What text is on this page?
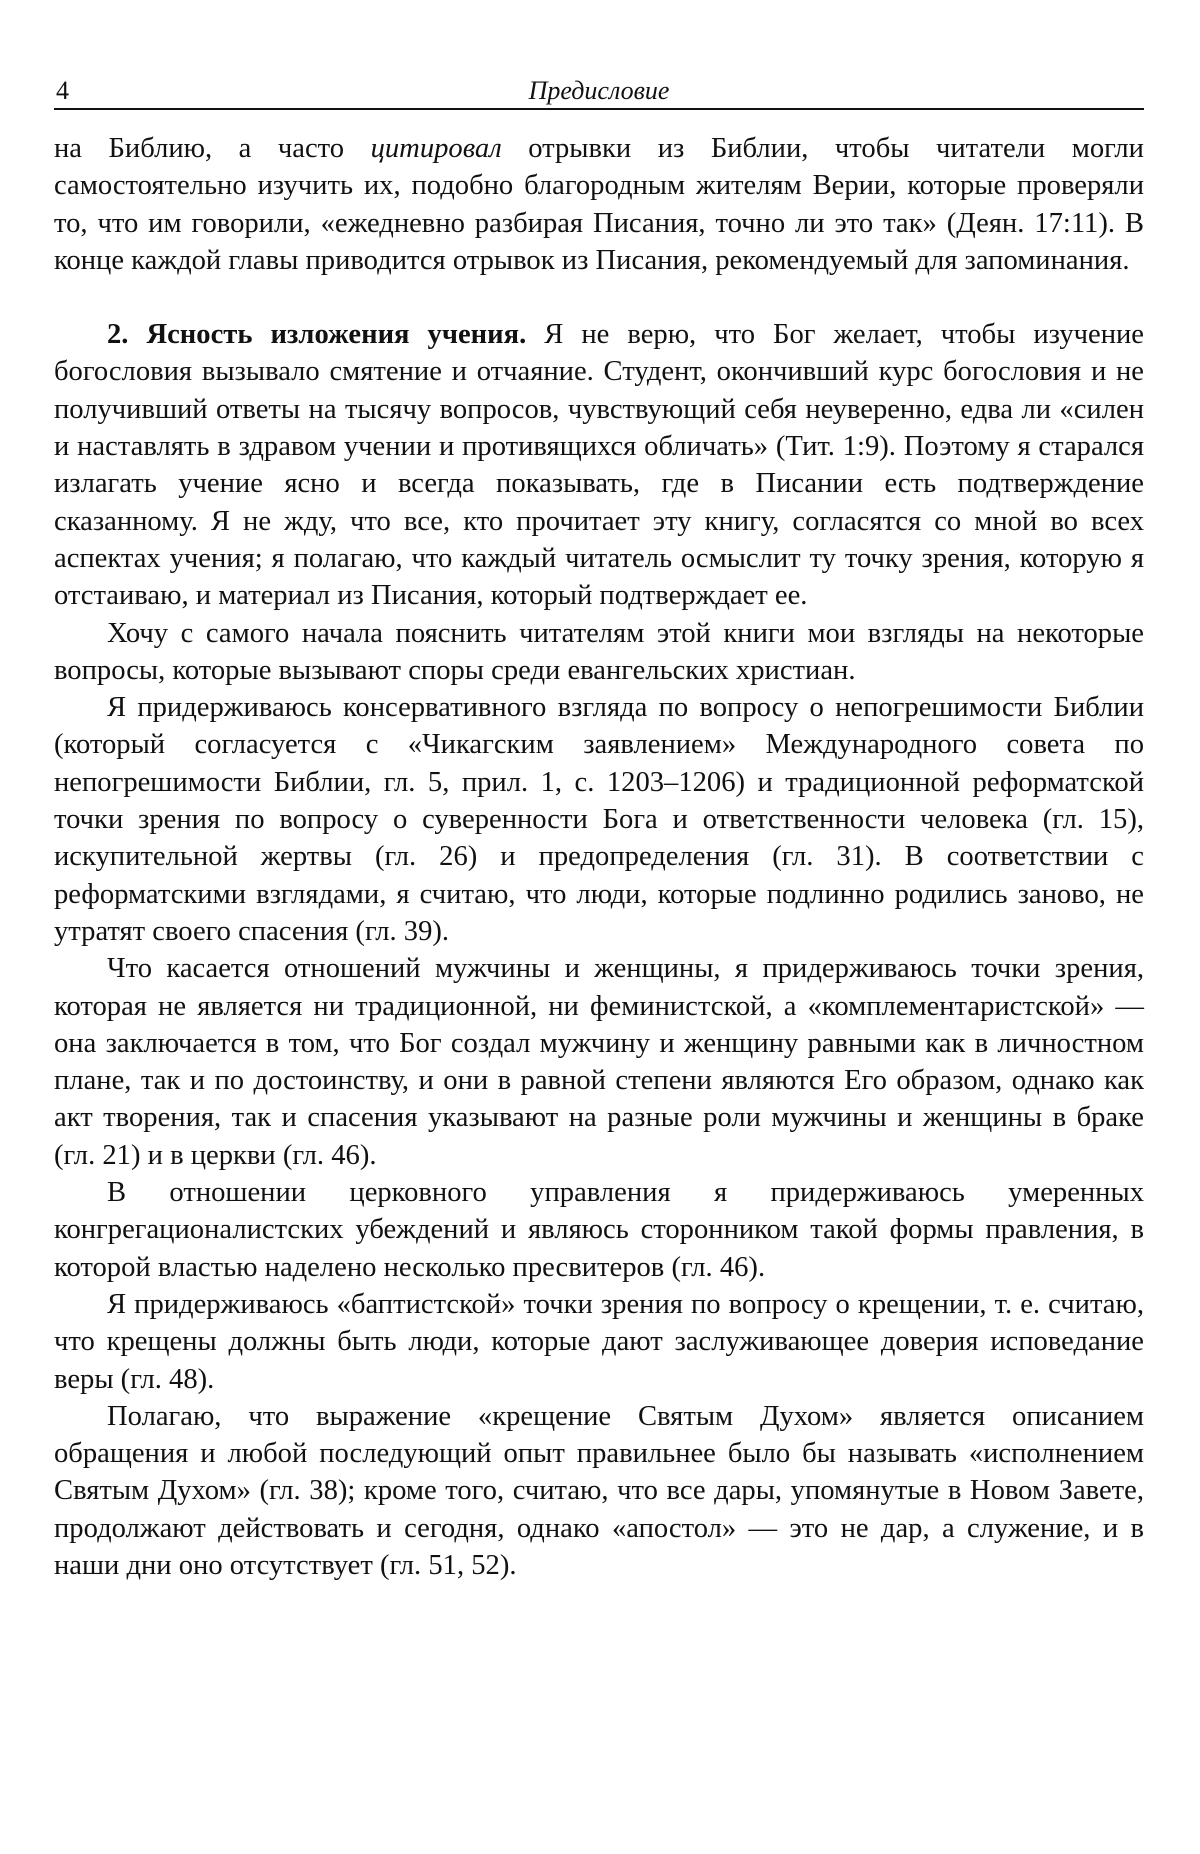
4	Предисловие

на Библию, а часто цитировал отрывки из Библии, чтобы читатели могли самостоятельно изучить их, подобно благородным жителям Верии, которые проверяли то, что им говорили, «ежедневно разбирая Писания, точно ли это так» (Деян. 17:11). В конце каждой главы приводится отрывок из Писания, рекомендуемый для запоминания.

2. Ясность изложения учения. Я не верю, что Бог желает, чтобы изучение богословия вызывало смятение и отчаяние. Студент, окончивший курс богословия и не получивший ответы на тысячу вопросов, чувствующий себя неуверенно, едва ли «силен и наставлять в здравом учении и противящихся обличать» (Тит. 1:9). Поэтому я старался излагать учение ясно и всегда показывать, где в Писании есть подтверждение сказанному. Я не жду, что все, кто прочитает эту книгу, согласятся со мной во всех аспектах учения; я полагаю, что каждый читатель осмыслит ту точку зрения, которую я отстаиваю, и материал из Писания, который подтверждает ее.

Хочу с самого начала пояснить читателям этой книги мои взгляды на некоторые вопросы, которые вызывают споры среди евангельских христиан.

Я придерживаюсь консервативного взгляда по вопросу о непогрешимости Библии (который согласуется с «Чикагским заявлением» Международного совета по непогрешимости Библии, гл. 5, прил. 1, с. 1203–1206) и традиционной реформатской точки зрения по вопросу о суверенности Бога и ответственности человека (гл. 15), искупительной жертвы (гл. 26) и предопределения (гл. 31). В соответствии с реформатскими взглядами, я считаю, что люди, которые подлинно родились заново, не утратят своего спасения (гл. 39).

Что касается отношений мужчины и женщины, я придерживаюсь точки зрения, которая не является ни традиционной, ни феминистской, а «комплементаристской» — она заключается в том, что Бог создал мужчину и женщину равными как в личностном плане, так и по достоинству, и они в равной степени являются Его образом, однако как акт творения, так и спасения указывают на разные роли мужчины и женщины в браке (гл. 21) и в церкви (гл. 46).

В отношении церковного управления я придерживаюсь умеренных конгрегационалистских убеждений и являюсь сторонником такой формы правления, в которой властью наделено несколько пресвитеров (гл. 46).

Я придерживаюсь «баптистской» точки зрения по вопросу о крещении, т. е. считаю, что крещены должны быть люди, которые дают заслуживающее доверия исповедание веры (гл. 48).

Полагаю, что выражение «крещение Святым Духом» является описанием обращения и любой последующий опыт правильнее было бы называть «исполнением Святым Духом» (гл. 38); кроме того, считаю, что все дары, упомянутые в Новом Завете, продолжают действовать и сегодня, однако «апостол» — это не дар, а служение, и в наши дни оно отсутствует (гл. 51, 52).
